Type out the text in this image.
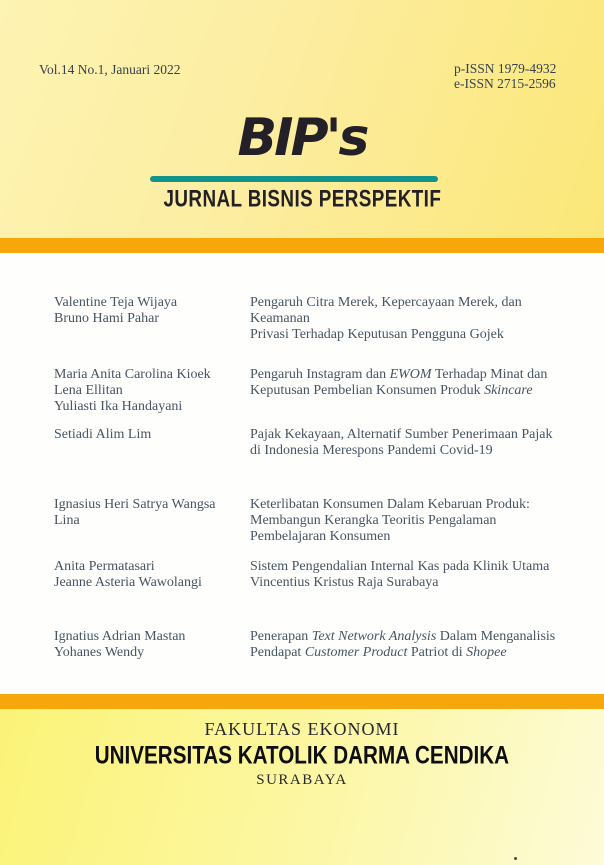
Vol.14 No.1, Januari 2022	p-ISSN 1979-4932
e-ISSN 2715-2596
BIP's
JURNAL BISNIS PERSPEKTIF
Valentine Teja Wijaya
Bruno Hami Pahar
Pengaruh Citra Merek, Kepercayaan Merek, dan Keamanan
Privasi Terhadap Keputusan Pengguna Gojek
Maria Anita Carolina Kioek
Lena Ellitan
Yuliasti Ika Handayani
Pengaruh Instagram dan EWOM Terhadap Minat dan
Keputusan Pembelian Konsumen Produk Skincare
Setiadi Alim Lim	Pajak Kekayaan, Alternatif Sumber Penerimaan Pajak
di Indonesia Merespons Pandemi Covid-19
Ignasius Heri Satrya Wangsa
Lina
Keterlibatan Konsumen Dalam Kebaruan Produk:
Membangun Kerangka Teoritis Pengalaman
Pembelajaran Konsumen
Anita Permatasari
Jeanne Asteria Wawolangi
Sistem Pengendalian Internal Kas pada Klinik Utama
Vincentius Kristus Raja Surabaya
Ignatius Adrian Mastan
Yohanes Wendy
Penerapan Text Network Analysis Dalam Menganalisis
Pendapat Customer Product Patriot di Shopee
FAKULTAS EKONOMI
UNIVERSITAS KATOLIK DARMA CENDIKA
SURABAYA
